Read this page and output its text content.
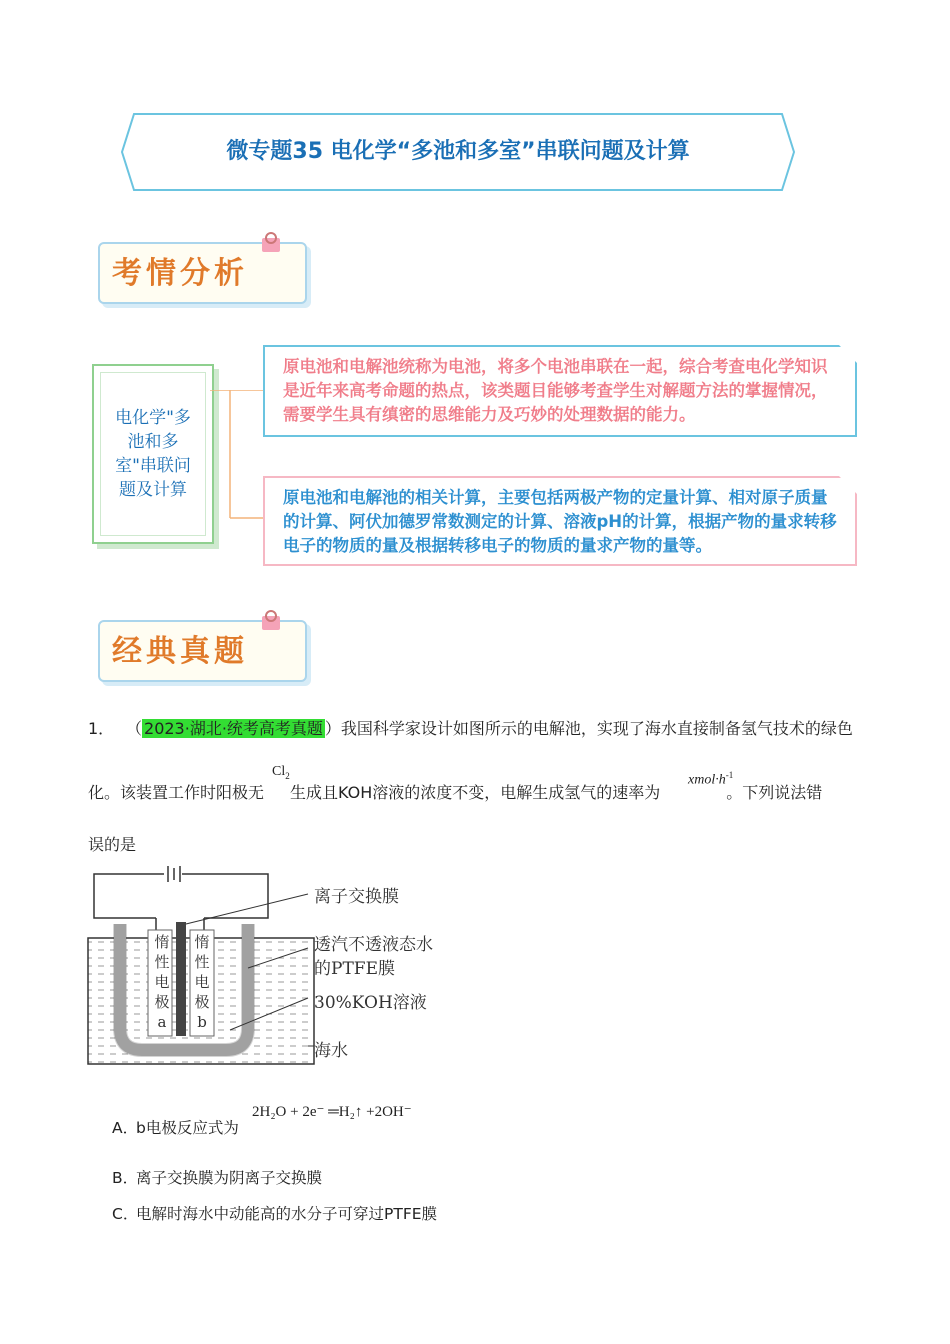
微专题35 电化学“多池和多室”串联问题及计算
考情分析
电化学"多池和多室"串联问题及计算
原电池和电解池统称为电池，将多个电池串联在一起，综合考查电化学知识是近年来高考命题的热点，该类题目能够考查学生对解题方法的掌握情况，需要学生具有缜密的思维能力及巧妙的处理数据的能力。
原电池和电解池的相关计算，主要包括两极产物的定量计算、相对原子质量的计算、阿伏加德罗常数测定的计算、溶液pH的计算，根据产物的量求转移电子的物质的量及根据转移电子的物质的量求产物的量等。
经典真题
1． （ 2023·湖北·统考高考真题 ）我国科学家设计如图所示的电解池，实现了海水直接制备氢气技术的绿色
化。该装置工作时阳极无 生成且KOH溶液的浓度不变，电解生成氢气的速率为	。下列说法错
$Cl_2$	$xmol\cdot h^{-1}$
误的是
惰
性
电
极
a
惰
性
电
极
b
离子交换膜
透汽不透液态水
的PTFE膜
30%KOH溶液
海水
A．b电极反应式为
2H₂O + 2e⁻ ═H₂↑ +2OH⁻
B．离子交换膜为阴离子交换膜
C．电解时海水中动能高的水分子可穿过PTFE膜
